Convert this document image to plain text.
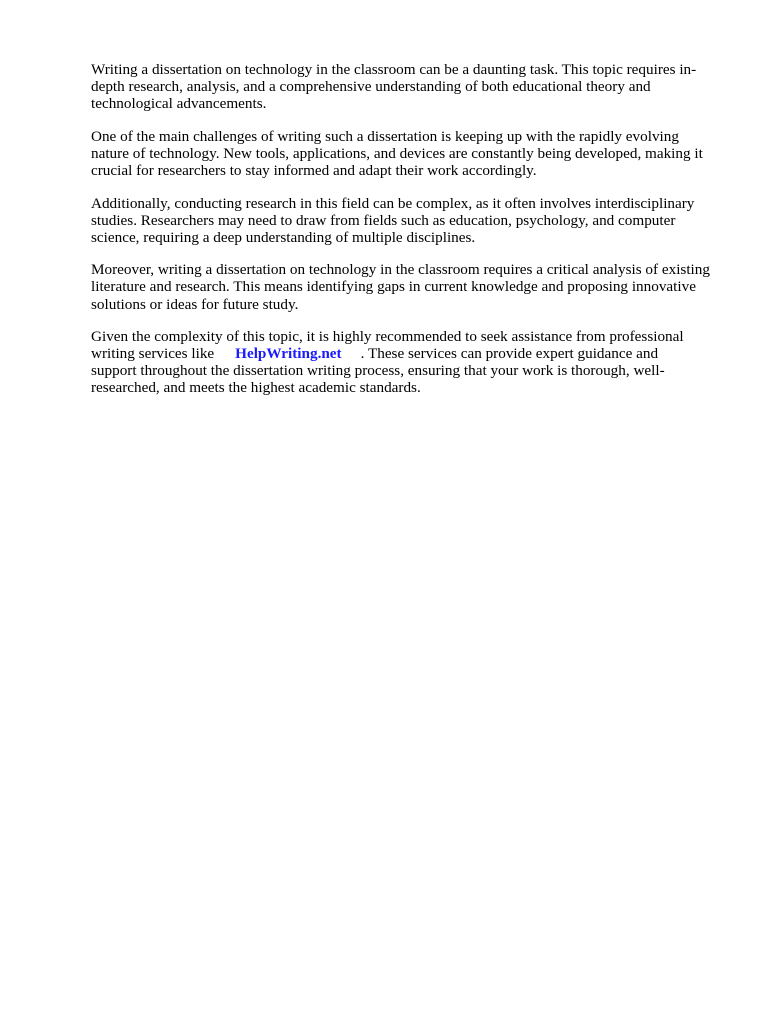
Writing a dissertation on technology in the classroom can be a daunting task. This topic requires in-
depth research, analysis, and a comprehensive understanding of both educational theory and
technological advancements.

One of the main challenges of writing such a dissertation is keeping up with the rapidly evolving
nature of technology. New tools, applications, and devices are constantly being developed, making it
crucial for researchers to stay informed and adapt their work accordingly.

Additionally, conducting research in this field can be complex, as it often involves interdisciplinary
studies. Researchers may need to draw from fields such as education, psychology, and computer
science, requiring a deep understanding of multiple disciplines.

Moreover, writing a dissertation on technology in the classroom requires a critical analysis of existing
literature and research. This means identifying gaps in current knowledge and proposing innovative
solutions or ideas for future study.

Given the complexity of this topic, it is highly recommended to seek assistance from professional
writing services like HelpWriting.net . These services can provide expert guidance and
support throughout the dissertation writing process, ensuring that your work is thorough, well-
researched, and meets the highest academic standards.
